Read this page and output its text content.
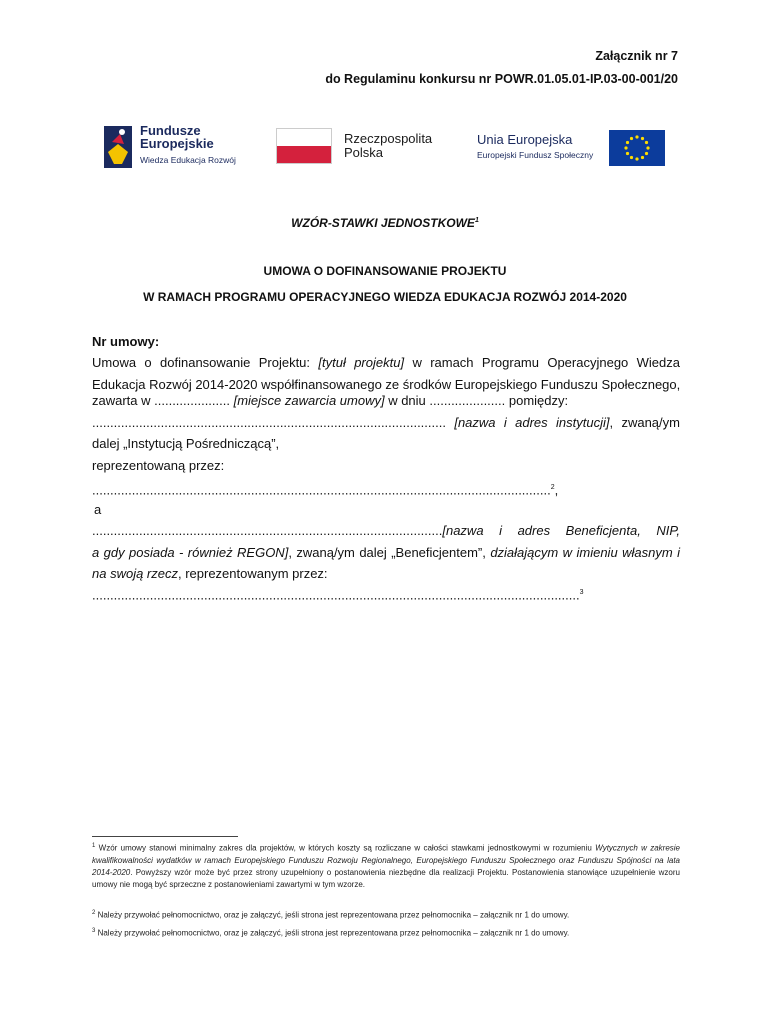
Załącznik nr 7
do Regulaminu konkursu nr POWR.01.05.01-IP.03-00-001/20
Fundusze
Europejskie
Wiedza Edukacja Rozwój
Rzeczpospolita
Polska
Unia Europejska
Europejski Fundusz Społeczny
WZÓR-STAWKI JEDNOSTKOWE$^1$
UMOWA O DOFINANSOWANIE PROJEKTU
W RAMACH PROGRAMU OPERACYJNEGO WIEDZA EDUKACJA ROZWÓJ 2014-2020
Nr umowy:
Umowa o dofinansowanie Projektu: [tytuł projektu] w ramach Programu Operacyjnego Wiedza
Edukacja Rozwój 2014-2020 współfinansowanego ze środków Europejskiego Funduszu Społecznego,
zawarta w ..................... [miejsce zawarcia umowy] w dniu ..................... pomiędzy:
.................................................................................................. [nazwa i adres instytucji], zwaną/ym
dalej „Instytucją Pośredniczącą”,
reprezentowaną przez:
...............................................................................................................................$^2$,
a
.................................................................................................[nazwa i adres Beneficjenta, NIP,
a gdy posiada - również REGON], zwaną/ym dalej „Beneficjentem”, działającym w imieniu własnym i
na swoją rzecz, reprezentowanym przez:
.......................................................................................................................................$^3$
$^1$ Wzór umowy stanowi minimalny zakres dla projektów, w których koszty są rozliczane w całości stawkami jednostkowymi w rozumieniu Wytycznych w zakresie kwalifikowalności wydatków w ramach Europejskiego Funduszu Rozwoju Regionalnego, Europejskiego Funduszu Społecznego oraz Funduszu Spójności na lata 2014-2020. Powyższy wzór może być przez strony uzupełniony o postanowienia niezbędne dla realizacji Projektu. Postanowienia stanowiące uzupełnienie wzoru umowy nie mogą być sprzeczne z postanowieniami zawartymi w tym wzorze.
$^2$ Należy przywołać pełnomocnictwo, oraz je załączyć, jeśli strona jest reprezentowana przez pełnomocnika – załącznik nr 1 do umowy.
$^3$ Należy przywołać pełnomocnictwo, oraz je załączyć, jeśli strona jest reprezentowana przez pełnomocnika – załącznik nr 1 do umowy.
